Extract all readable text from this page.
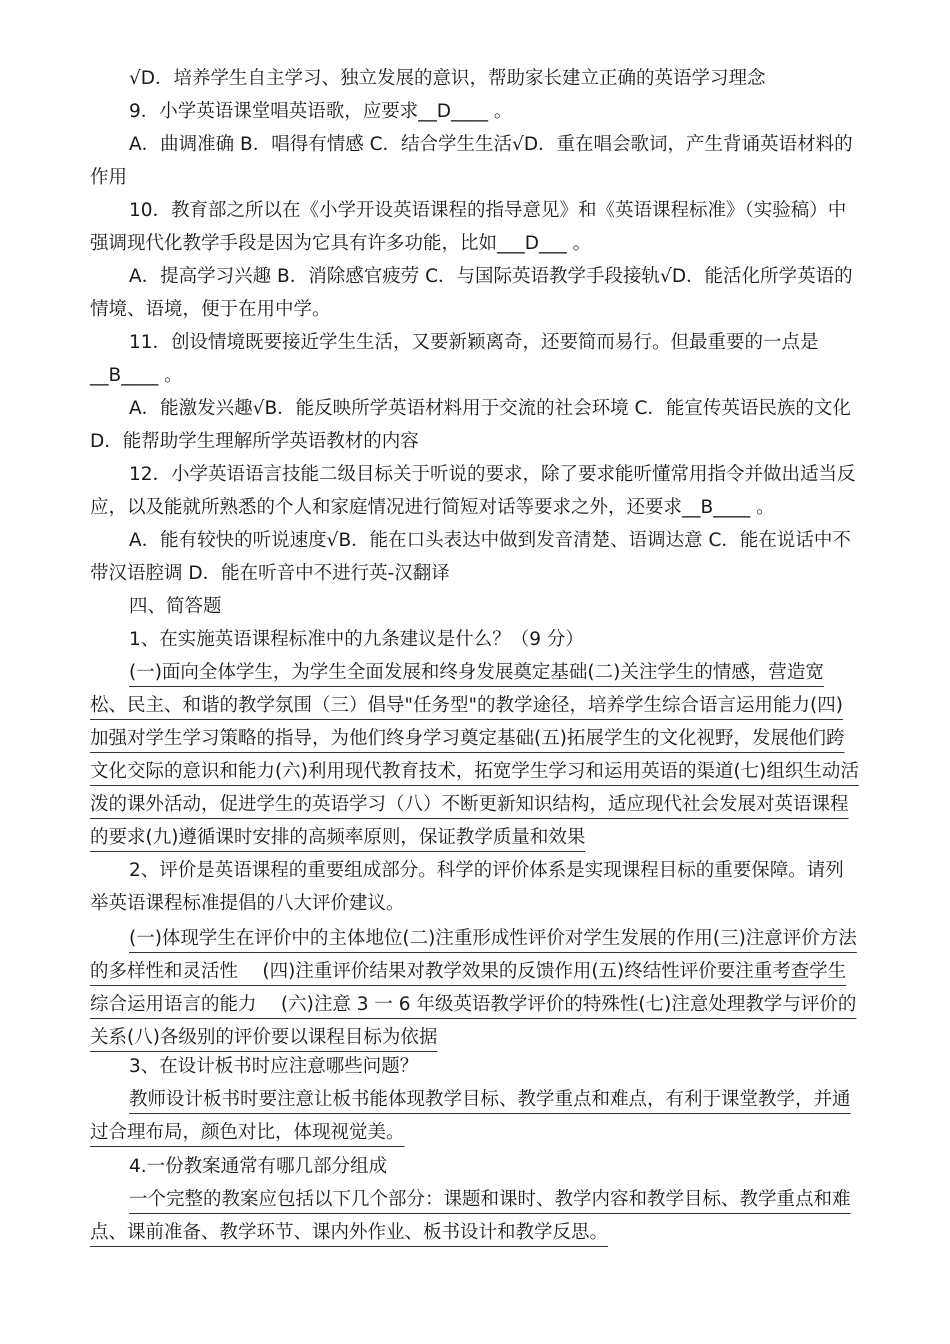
√D．培养学生自主学习、独立发展的意识，帮助家长建立正确的英语学习理念

9．小学英语课堂唱英语歌，应要求__D____ 。

A．曲调准确 B．唱得有情感 C．结合学生生活√D．重在唱会歌词，产生背诵英语材料的作用

10．教育部之所以在《小学开设英语课程的指导意见》和《英语课程标准》（实验稿）中强调现代化教学手段是因为它具有许多功能，比如___D___ 。

A．提高学习兴趣 B．消除感官疲劳 C．与国际英语教学手段接轨√D．能活化所学英语的情境、语境，便于在用中学。

11．创设情境既要接近学生生活，又要新颖离奇，还要简而易行。但最重要的一点是__B____ 。

A．能激发兴趣√B．能反映所学英语材料用于交流的社会环境 C．能宣传英语民族的文化 D．能帮助学生理解所学英语教材的内容

12．小学英语语言技能二级目标关于听说的要求，除了要求能听懂常用指令并做出适当反应，以及能就所熟悉的个人和家庭情况进行简短对话等要求之外，还要求__B____ 。

A．能有较快的听说速度√B．能在口头表达中做到发音清楚、语调达意 C．能在说话中不带汉语腔调 D．能在听音中不进行英-汉翻译

四、简答题

1、在实施英语课程标准中的九条建议是什么？（9 分）

(一)面向全体学生，为学生全面发展和终身发展奠定基础(二)关注学生的情感，营造宽松、民主、和谐的教学氛围（三）倡导"任务型"的教学途径，培养学生综合语言运用能力(四)加强对学生学习策略的指导，为他们终身学习奠定基础(五)拓展学生的文化视野，发展他们跨文化交际的意识和能力(六)利用现代教育技术，拓宽学生学习和运用英语的渠道(七)组织生动活泼的课外活动，促进学生的英语学习（八）不断更新知识结构，适应现代社会发展对英语课程的要求(九)遵循课时安排的高频率原则，保证教学质量和效果

2、评价是英语课程的重要组成部分。科学的评价体系是实现课程目标的重要保障。请列举英语课程标准提倡的八大评价建议。

(一)体现学生在评价中的主体地位(二)注重形成性评价对学生发展的作用(三)注意评价方法的多样性和灵活性　 (四)注重评价结果对教学效果的反馈作用(五)终结性评价要注重考查学生综合运用语言的能力　 (六)注意 3 一 6 年级英语教学评价的特殊性(七)注意处理教学与评价的关系(八)各级别的评价要以课程目标为依据

3、在设计板书时应注意哪些问题？

教师设计板书时要注意让板书能体现教学目标、教学重点和难点，有利于课堂教学，并通过合理布局，颜色对比，体现视觉美。

4.一份教案通常有哪几部分组成

一个完整的教案应包括以下几个部分：课题和课时、教学内容和教学目标、教学重点和难点、课前准备、教学环节、课内外作业、板书设计和教学反思。
